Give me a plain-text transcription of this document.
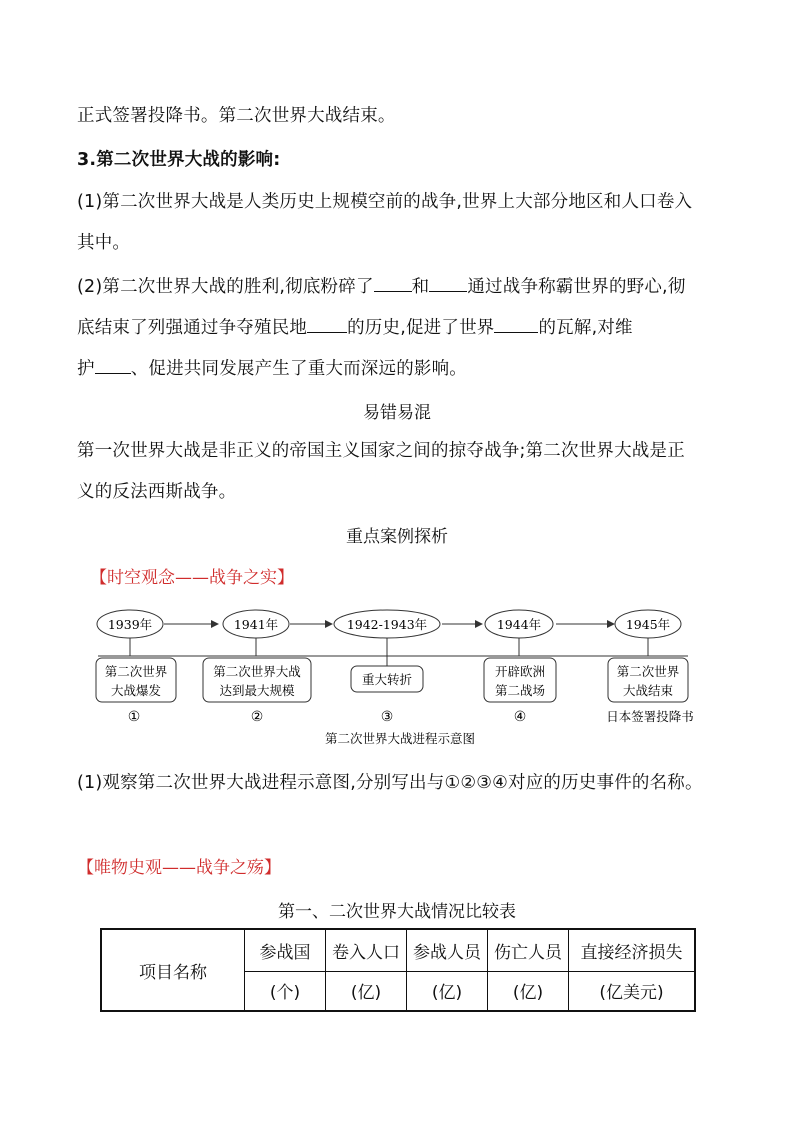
正式签署投降书。第二次世界大战结束。
3.第二次世界大战的影响:
(1)第二次世界大战是人类历史上规模空前的战争,世界上大部分地区和人口卷入
其中。
(2)第二次世界大战的胜利,彻底粉碎了 和 通过战争称霸世界的野心,彻
底结束了列强通过争夺殖民地 的历史,促进了世界	的瓦解,对维
护 、促进共同发展产生了重大而深远的影响。
易错易混
第一次世界大战是非正义的帝国主义国家之间的掠夺战争;第二次世界大战是正
义的反法西斯战争。
重点案例探析
【时空观念——战争之实】
1939年	1941年	1942-1943年	1944年	1945年
第二次世界
大战爆发
第二次世界大战
达到最大规模
重大转折
开辟欧洲
第二战场
第二次世界
大战结束
①	②	③	④	日本签署投降书
第二次世界大战进程示意图
(1)观察第二次世界大战进程示意图,分别写出与①②③④对应的历史事件的名称。
【唯物史观——战争之殇】
第一、二次世界大战情况比较表
项目名称	参战国	卷入人口	参战人员	伤亡人员	直接经济损失
	(个)	(亿)	(亿)	(亿)	(亿美元)
